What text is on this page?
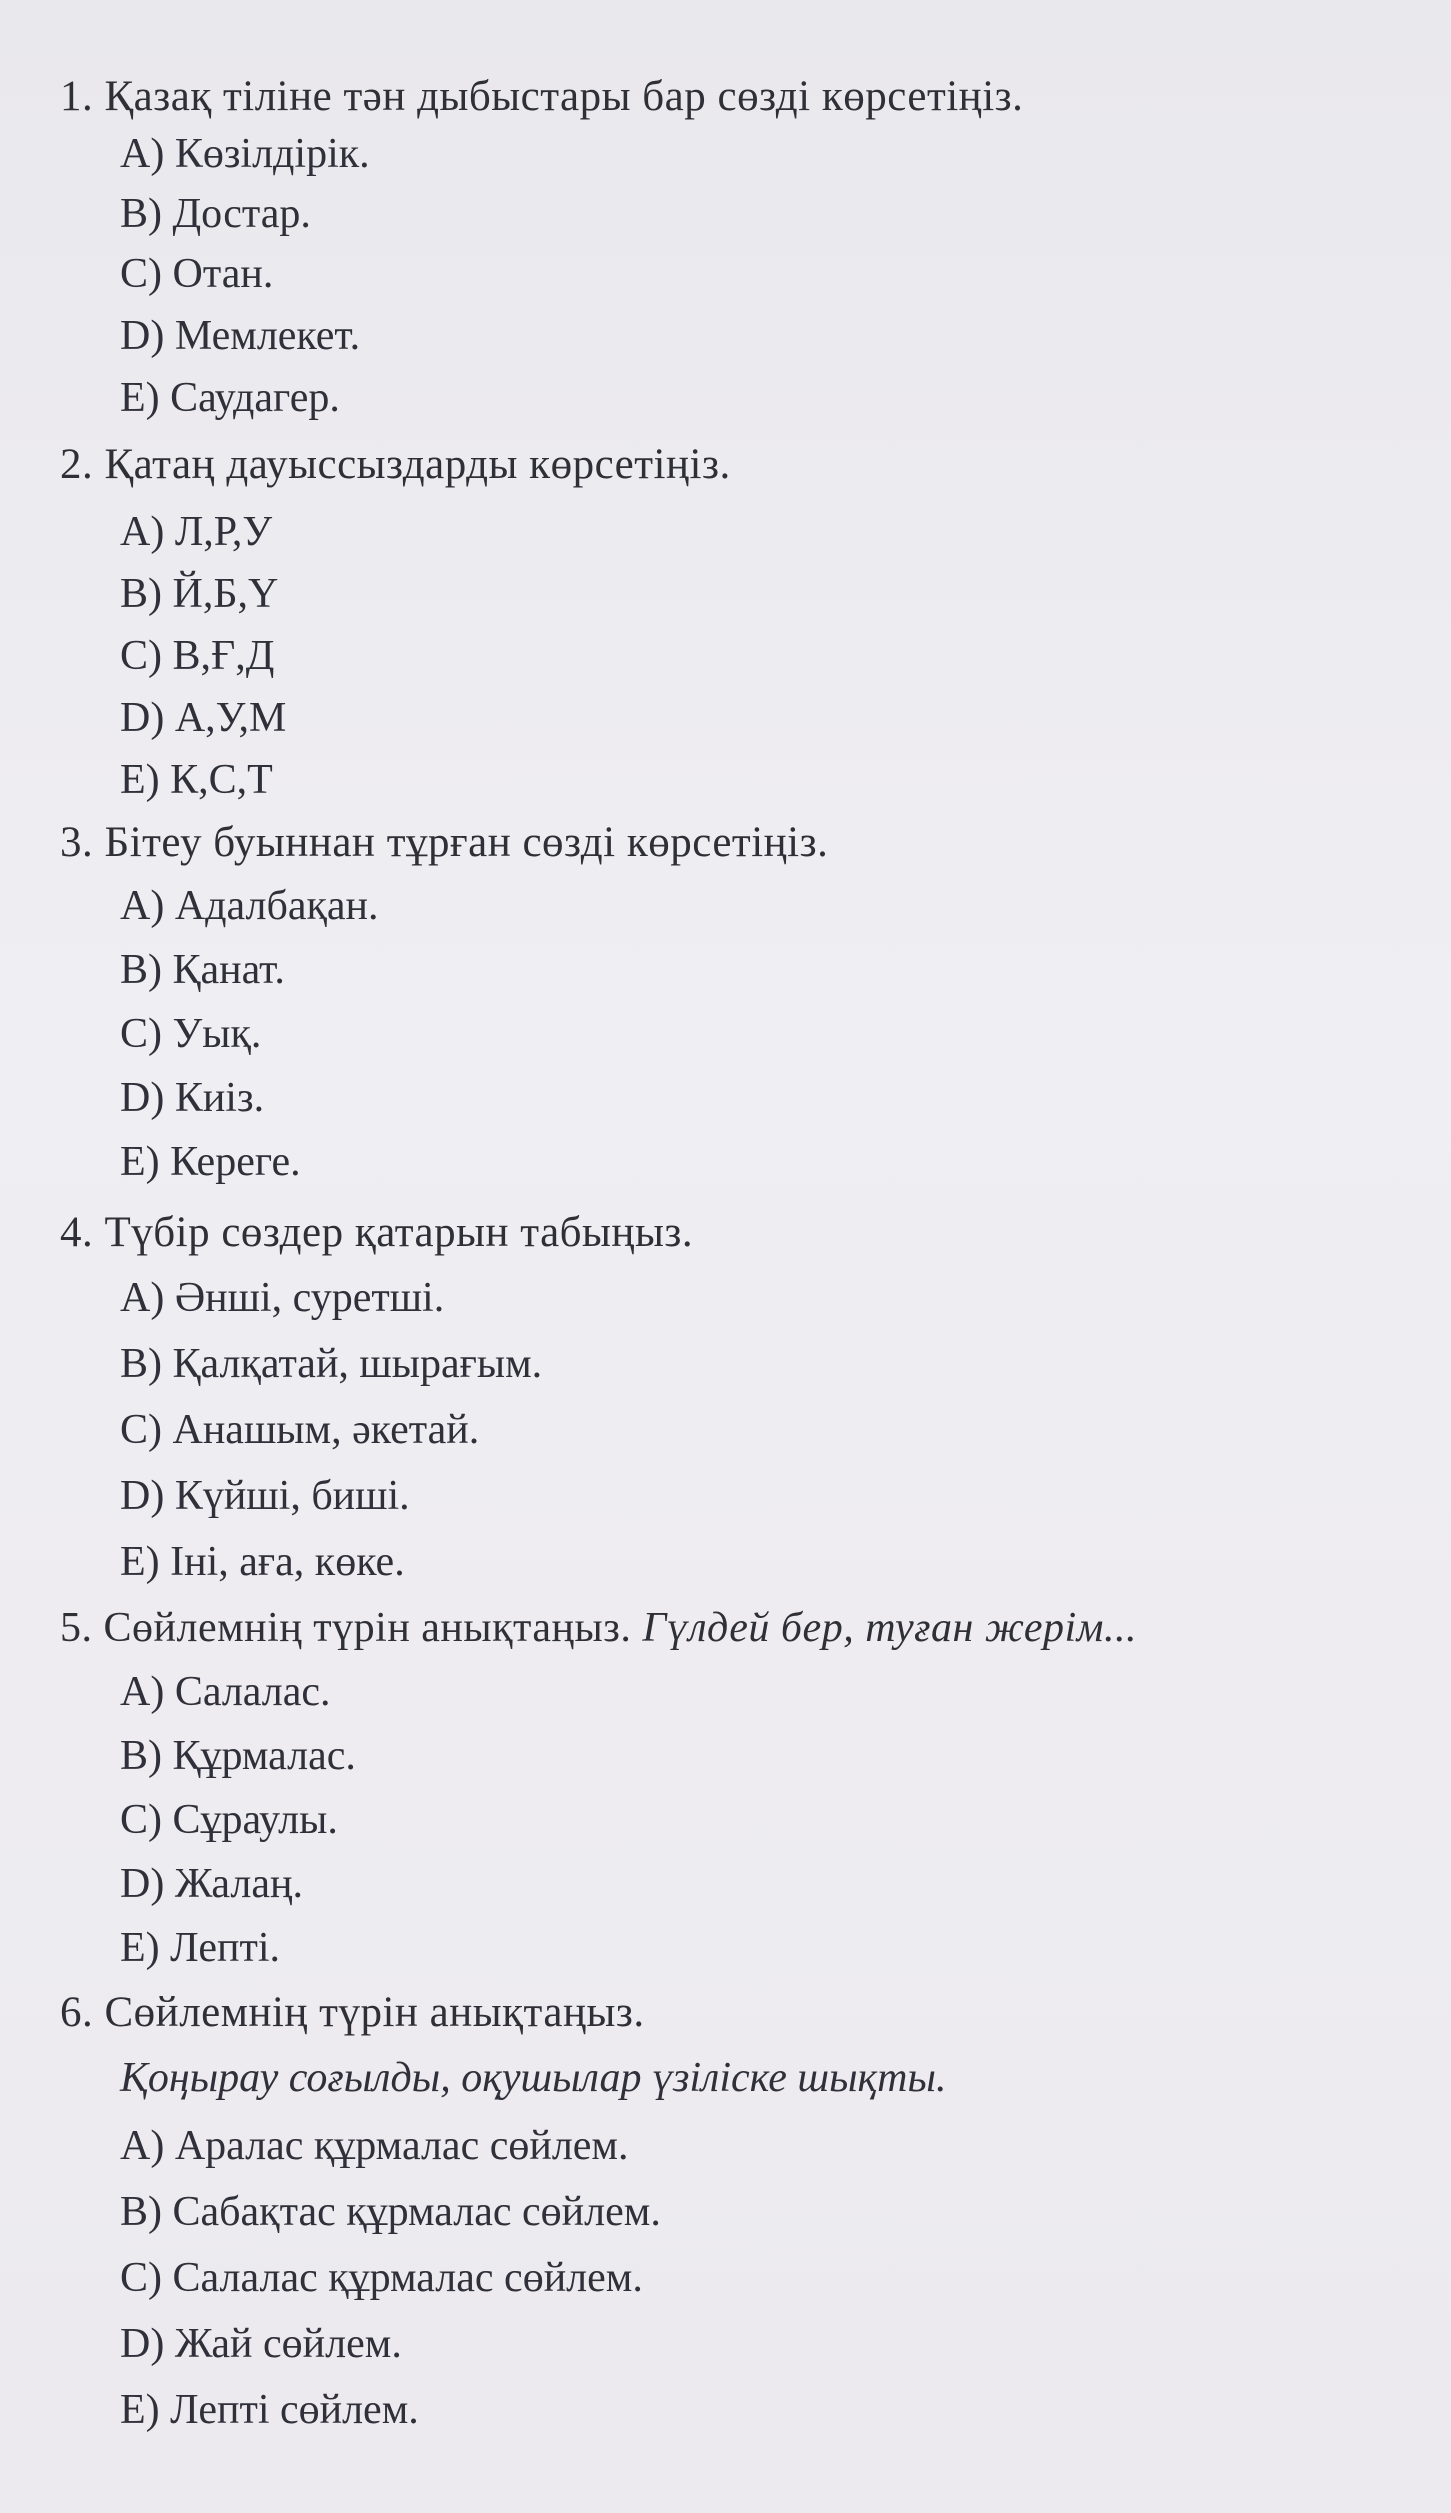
1. Қазақ тіліне тән дыбыстары бар сөзді көрсетіңіз.
A) Көзілдірік.
B) Достар.
C) Отан.
D) Мемлекет.
E) Саудагер.
2. Қатаң дауыссыздарды көрсетіңіз.
A) Л,Р,У
B) Й,Б,Ү
C) В,Ғ,Д
D) А,У,М
E) К,С,Т
3. Бітеу буыннан тұрған сөзді көрсетіңіз.
A) Адалбақан.
B) Қанат.
C) Уық.
D) Киіз.
E) Кереге.
4. Түбір сөздер қатарын табыңыз.
A) Әнші, суретші.
B) Қалқатай, шырағым.
C) Анашым, әкетай.
D) Күйші, биші.
E) Іні, аға, көке.
5. Сөйлемнің түрін анықтаңыз. Гүлдей бер, туған жерім...
A) Салалас.
B) Құрмалас.
C) Сұраулы.
D) Жалаң.
E) Лепті.
6. Сөйлемнің түрін анықтаңыз.
Қоңырау соғылды, оқушылар үзіліске шықты.
A) Аралас құрмалас сөйлем.
B) Сабақтас құрмалас сөйлем.
C) Салалас құрмалас сөйлем.
D) Жай сөйлем.
E) Лепті сөйлем.
